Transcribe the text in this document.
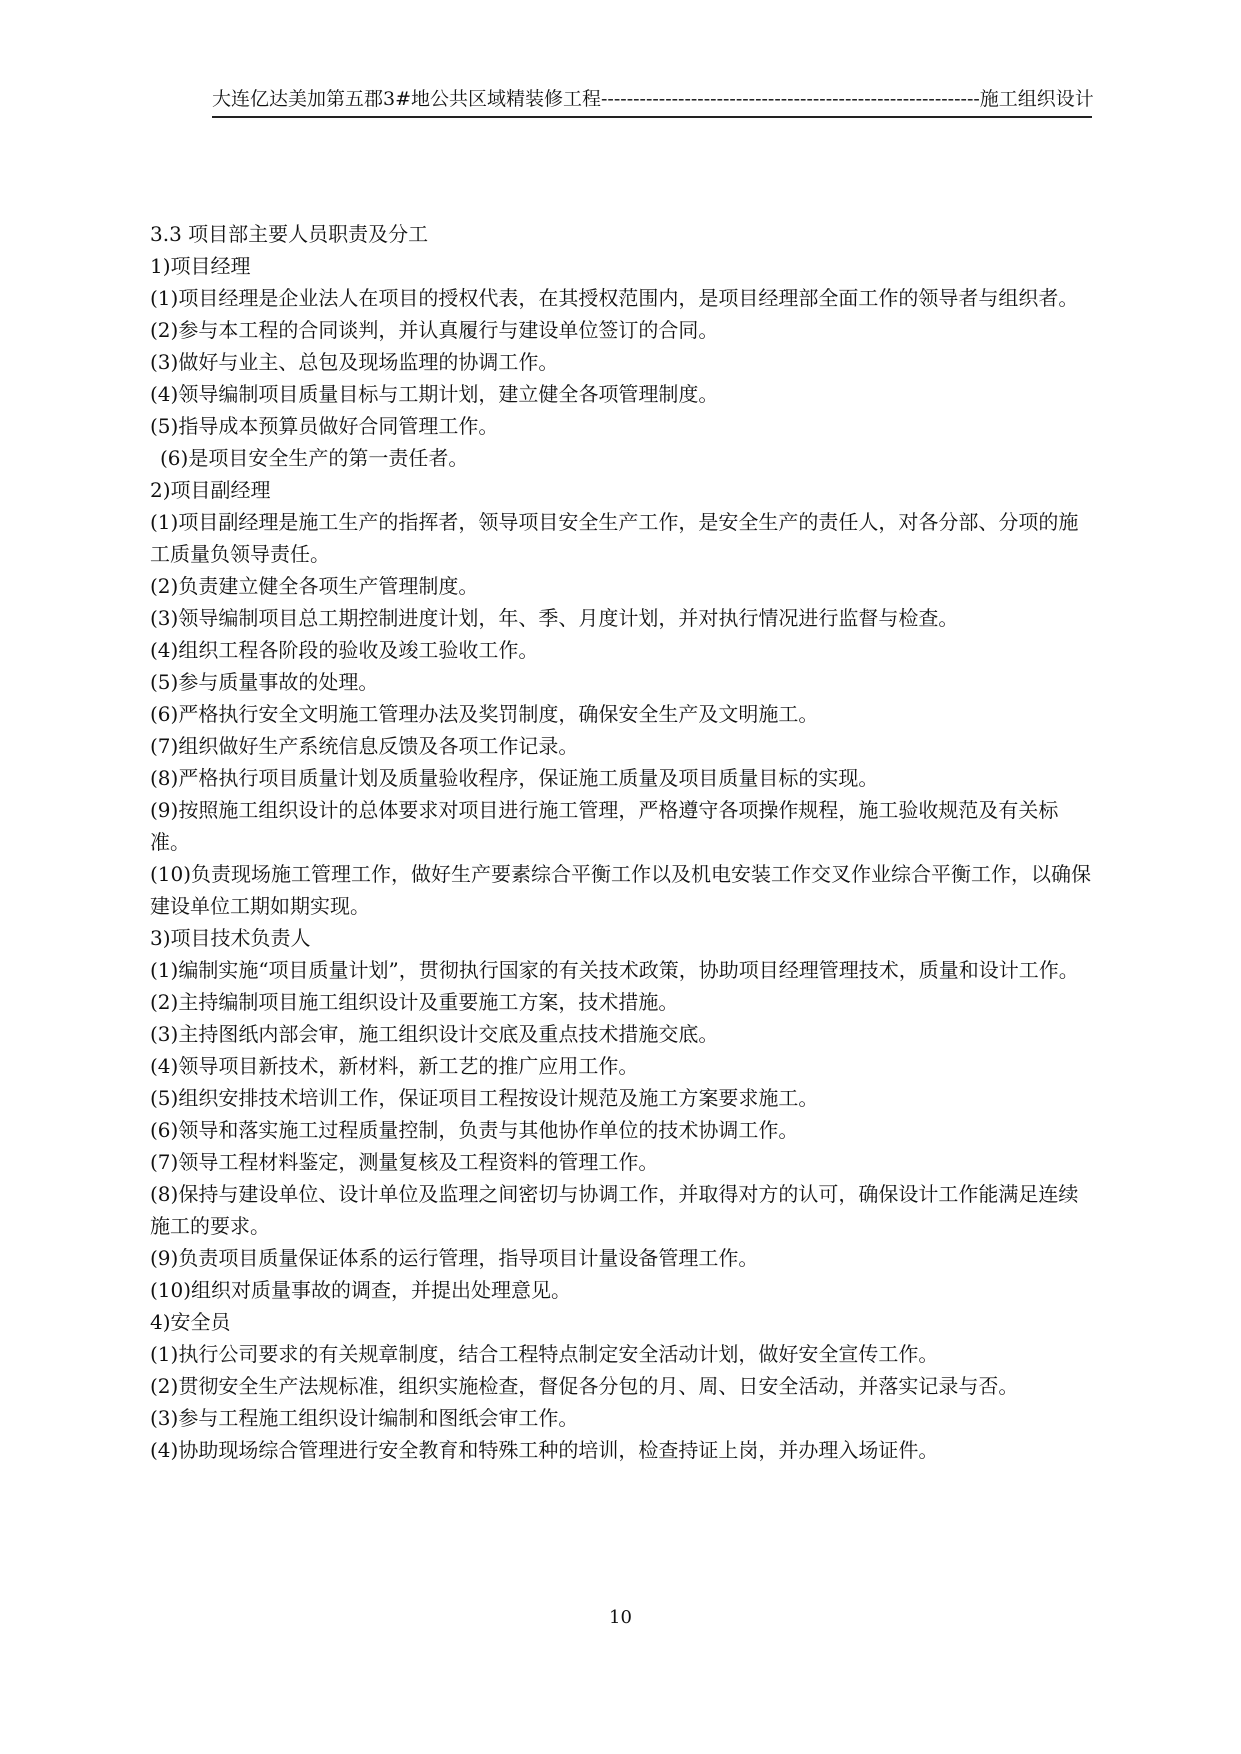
大连亿达美加第五郡3#地公共区域精装修工程-----------------------------------------------------------施工组织设计

3.3 项目部主要人员职责及分工

1)项目经理

(1)项目经理是企业法人在项目的授权代表，在其授权范围内，是项目经理部全面工作的领导者与组织者。

(2)参与本工程的合同谈判，并认真履行与建设单位签订的合同。

(3)做好与业主、总包及现场监理的协调工作。

(4)领导编制项目质量目标与工期计划，建立健全各项管理制度。

(5)指导成本预算员做好合同管理工作。

(6)是项目安全生产的第一责任者。

2)项目副经理

(1)项目副经理是施工生产的指挥者，领导项目安全生产工作，是安全生产的责任人，对各分部、分项的施工质量负领导责任。

(2)负责建立健全各项生产管理制度。

(3)领导编制项目总工期控制进度计划，年、季、月度计划，并对执行情况进行监督与检查。

(4)组织工程各阶段的验收及竣工验收工作。

(5)参与质量事故的处理。

(6)严格执行安全文明施工管理办法及奖罚制度，确保安全生产及文明施工。

(7)组织做好生产系统信息反馈及各项工作记录。

(8)严格执行项目质量计划及质量验收程序，保证施工质量及项目质量目标的实现。

(9)按照施工组织设计的总体要求对项目进行施工管理，严格遵守各项操作规程，施工验收规范及有关标准。

(10)负责现场施工管理工作，做好生产要素综合平衡工作以及机电安装工作交叉作业综合平衡工作，以确保建设单位工期如期实现。

3)项目技术负责人

(1)编制实施“项目质量计划”，贯彻执行国家的有关技术政策，协助项目经理管理技术，质量和设计工作。

(2)主持编制项目施工组织设计及重要施工方案，技术措施。

(3)主持图纸内部会审，施工组织设计交底及重点技术措施交底。

(4)领导项目新技术，新材料，新工艺的推广应用工作。

(5)组织安排技术培训工作，保证项目工程按设计规范及施工方案要求施工。

(6)领导和落实施工过程质量控制，负责与其他协作单位的技术协调工作。

(7)领导工程材料鉴定，测量复核及工程资料的管理工作。

(8)保持与建设单位、设计单位及监理之间密切与协调工作，并取得对方的认可，确保设计工作能满足连续施工的要求。

(9)负责项目质量保证体系的运行管理，指导项目计量设备管理工作。

(10)组织对质量事故的调查，并提出处理意见。

4)安全员

(1)执行公司要求的有关规章制度，结合工程特点制定安全活动计划，做好安全宣传工作。

(2)贯彻安全生产法规标准，组织实施检查，督促各分包的月、周、日安全活动，并落实记录与否。

(3)参与工程施工组织设计编制和图纸会审工作。

(4)协助现场综合管理进行安全教育和特殊工种的培训，检查持证上岗，并办理入场证件。

10
